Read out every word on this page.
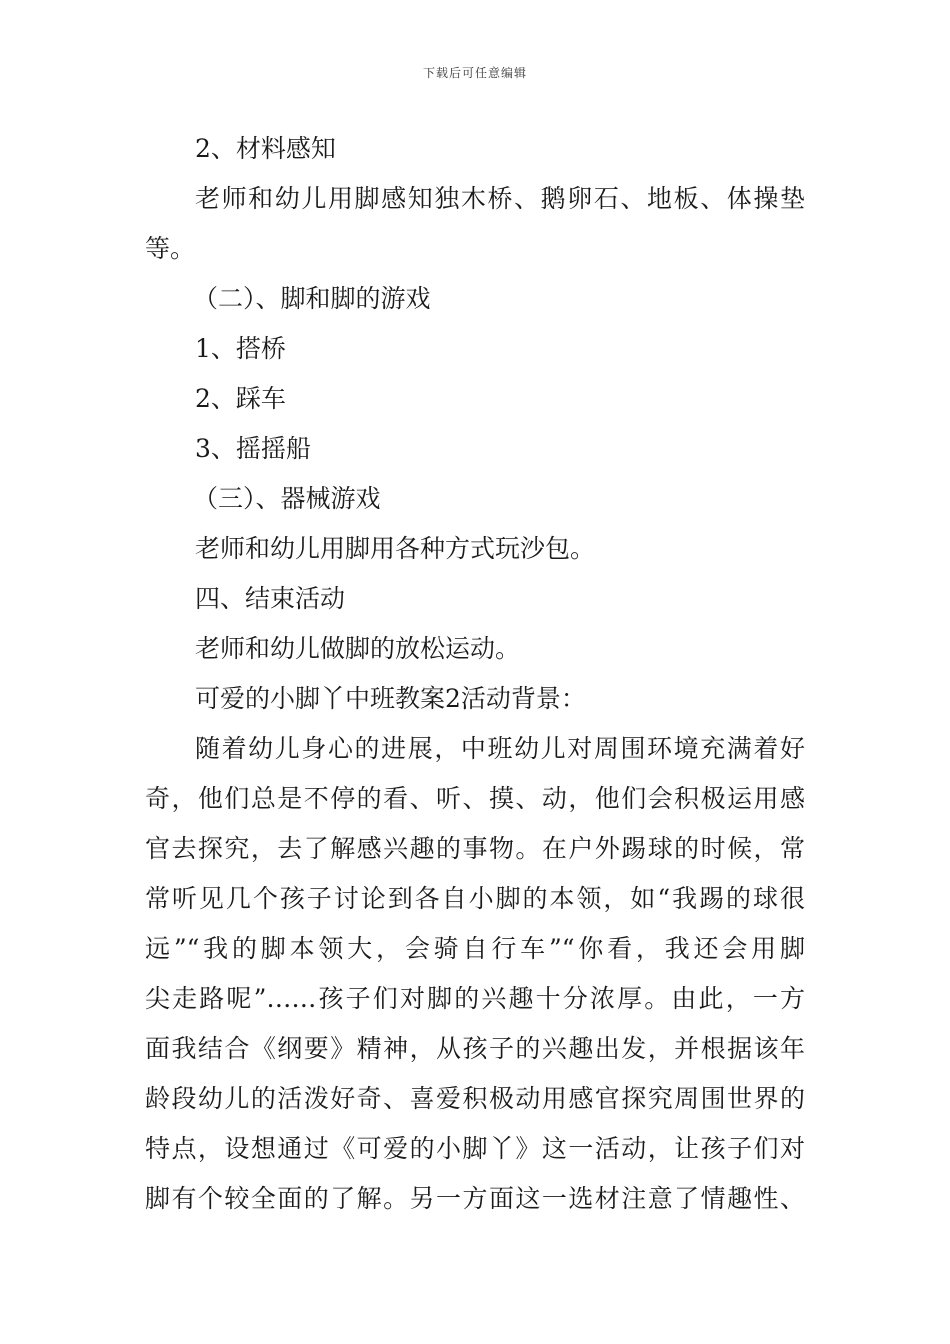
下载后可任意编辑
2、材料感知
老师和幼儿用脚感知独木桥、鹅卵石、地板、体操垫
等。
（二）、脚和脚的游戏
1、搭桥
2、踩车
3、摇摇船
（三）、器械游戏
老师和幼儿用脚用各种方式玩沙包。
四、结束活动
老师和幼儿做脚的放松运动。
可爱的小脚丫中班教案2活动背景：
随着幼儿身心的进展，中班幼儿对周围环境充满着好
奇，他们总是不停的看、听、摸、动，他们会积极运用感
官去探究，去了解感兴趣的事物。在户外踢球的时候，常
常听见几个孩子讨论到各自小脚的本领，如“我踢的球很
远”“我的脚本领大，会骑自行车”“你看，我还会用脚
尖走路呢”……孩子们对脚的兴趣十分浓厚。由此，一方
面我结合《纲要》精神，从孩子的兴趣出发，并根据该年
龄段幼儿的活泼好奇、喜爱积极动用感官探究周围世界的
特点，设想通过《可爱的小脚丫》这一活动，让孩子们对
脚有个较全面的了解。另一方面这一选材注意了情趣性、
